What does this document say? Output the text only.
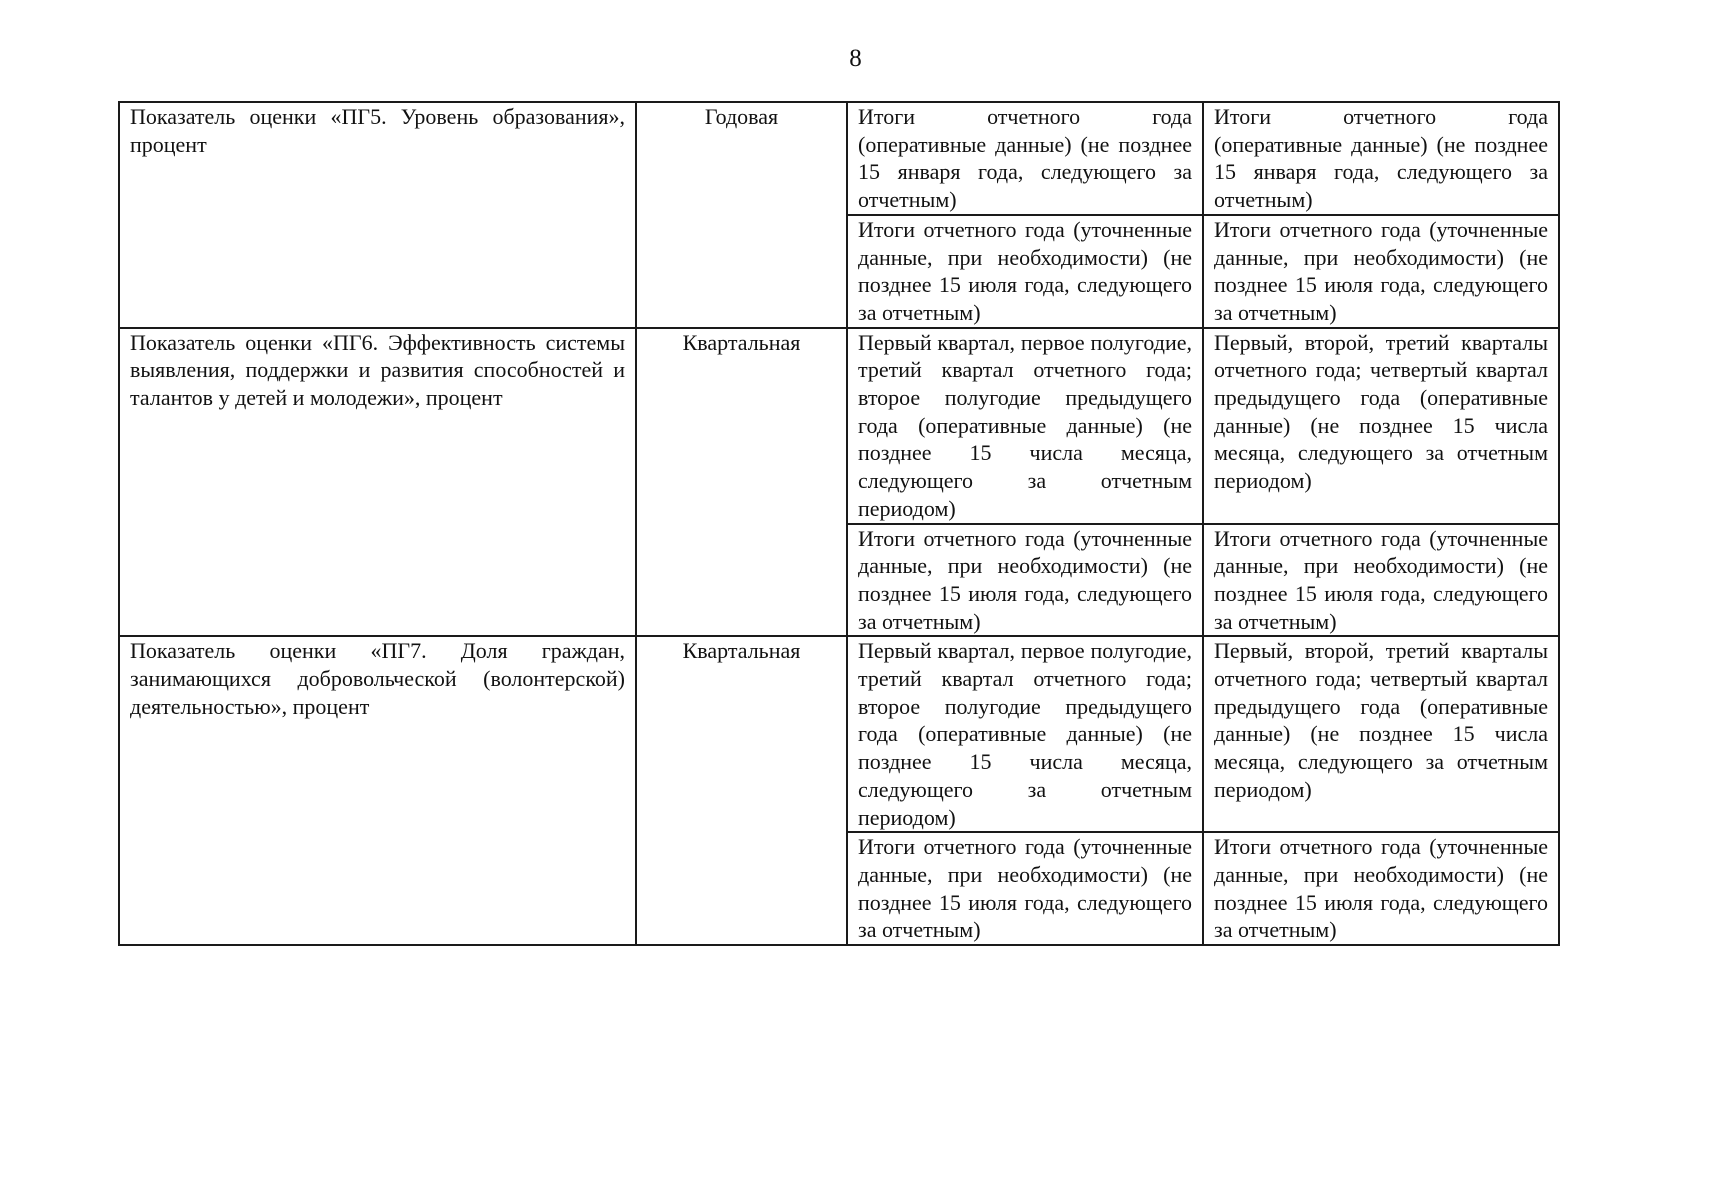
8
Показатель оценки «ПГ5. Уровень образования», процент	Годовая	Итоги отчетного года (оперативные данные) (не позднее 15 января года, следующего за отчетным)	Итоги отчетного года (оперативные данные) (не позднее 15 января года, следующего за отчетным)
		Итоги отчетного года (уточненные данные, при необходимости) (не позднее 15 июля года, следующего за отчетным)	Итоги отчетного года (уточненные данные, при необходимости) (не позднее 15 июля года, следующего за отчетным)
Показатель оценки «ПГ6. Эффективность системы выявления, поддержки и развития способностей и талантов у детей и молодежи», процент	Квартальная	Первый квартал, первое полугодие, третий квартал отчетного года; второе полугодие предыдущего года (оперативные данные) (не позднее 15 числа месяца, следующего за отчетным периодом)	Первый, второй, третий кварталы отчетного года; четвертый квартал предыдущего года (оперативные данные) (не позднее 15 числа месяца, следующего за отчетным периодом)
		Итоги отчетного года (уточненные данные, при необходимости) (не позднее 15 июля года, следующего за отчетным)	Итоги отчетного года (уточненные данные, при необходимости) (не позднее 15 июля года, следующего за отчетным)
Показатель оценки «ПГ7. Доля граждан, занимающихся добровольческой (волонтерской) деятельностью», процент	Квартальная	Первый квартал, первое полугодие, третий квартал отчетного года; второе полугодие предыдущего года (оперативные данные) (не позднее 15 числа месяца, следующего за отчетным периодом)	Первый, второй, третий кварталы отчетного года; четвертый квартал предыдущего года (оперативные данные) (не позднее 15 числа месяца, следующего за отчетным периодом)
		Итоги отчетного года (уточненные данные, при необходимости) (не позднее 15 июля года, следующего за отчетным)	Итоги отчетного года (уточненные данные, при необходимости) (не позднее 15 июля года, следующего за отчетным)
